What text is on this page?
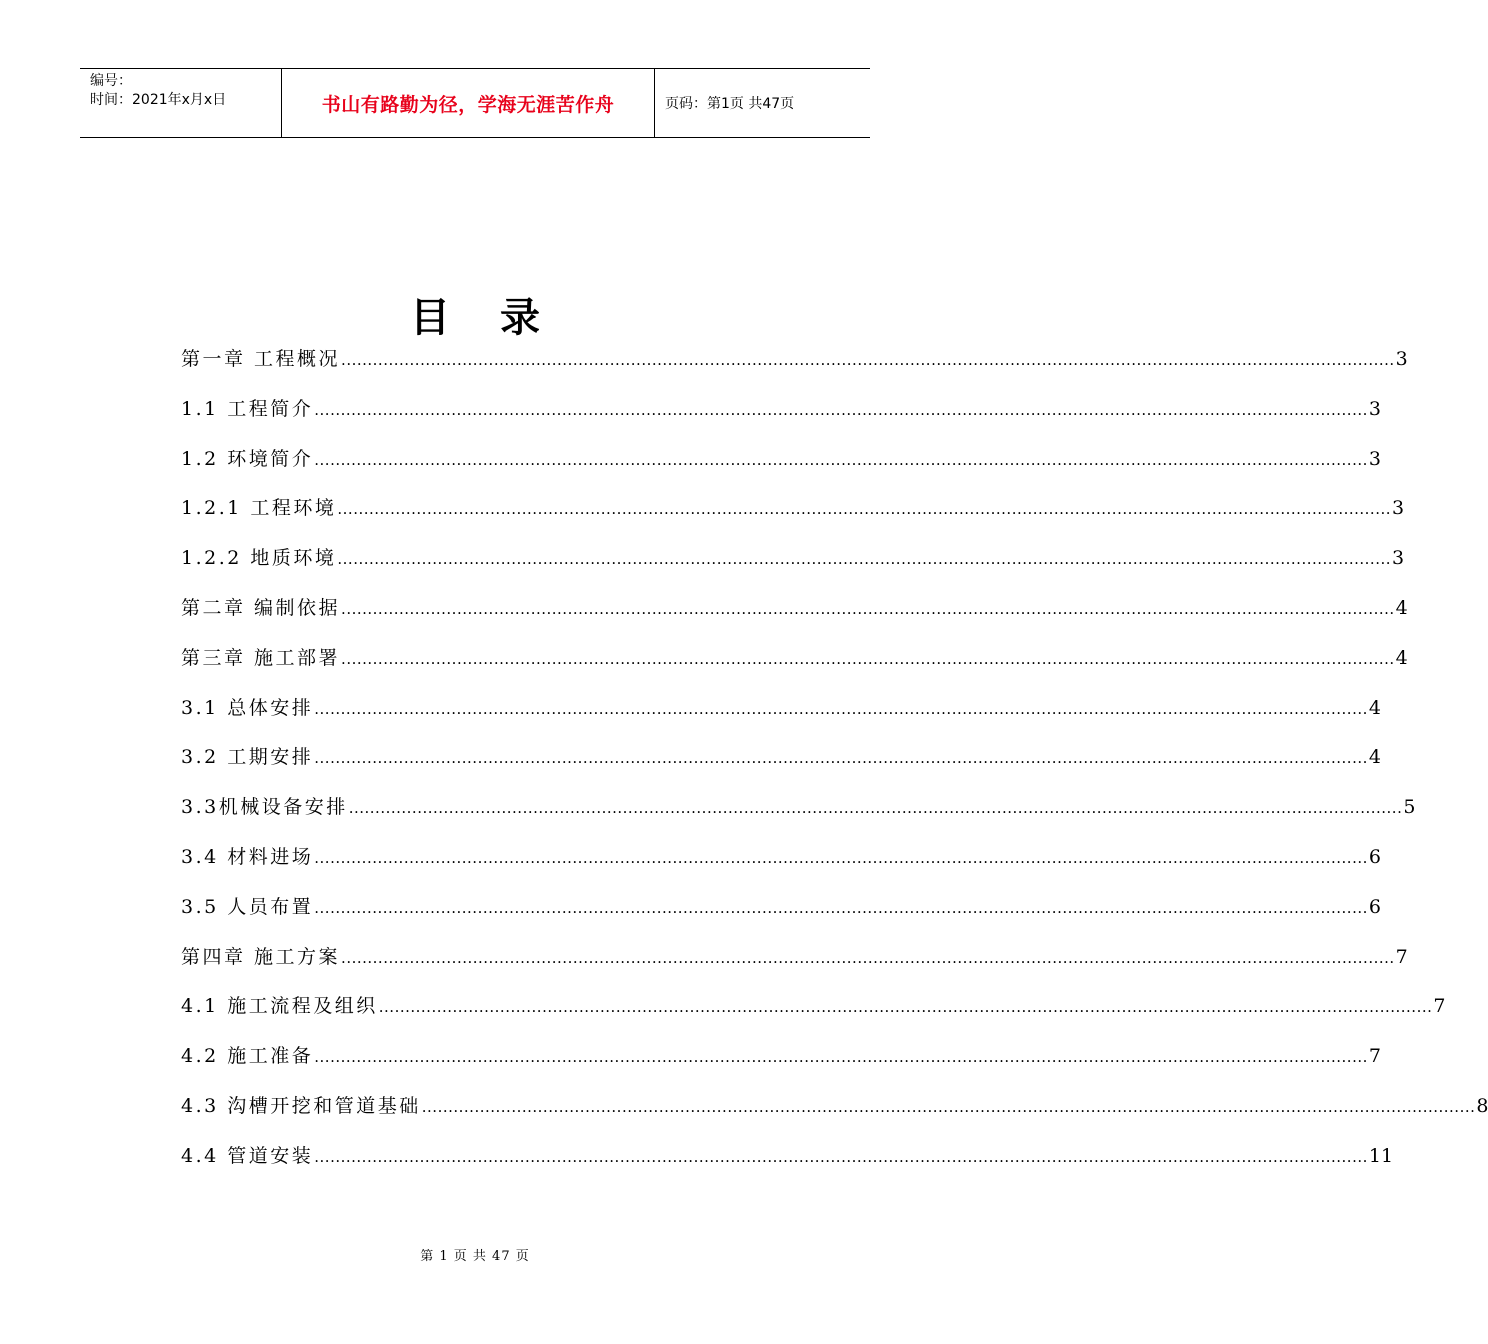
编号：
时间：2021年x月x日	书山有路勤为径，学海无涯苦作舟	页码：第1页 共47页
目 录
第一章 工程概况 ........................................................................................................................................................................................................ 3
1.1 工程简介 ........................................................................................................................................................................................................ 3
1.2 环境简介 ........................................................................................................................................................................................................ 3
1.2.1 工程环境 ........................................................................................................................................................................................................ 3
1.2.2 地质环境 ........................................................................................................................................................................................................ 3
第二章 编制依据 ........................................................................................................................................................................................................ 4
第三章 施工部署 ........................................................................................................................................................................................................ 4
3.1 总体安排 ........................................................................................................................................................................................................ 4
3.2 工期安排 ........................................................................................................................................................................................................ 4
3.3机械设备安排 ........................................................................................................................................................................................................ 5
3.4 材料进场 ........................................................................................................................................................................................................ 6
3.5 人员布置 ........................................................................................................................................................................................................ 6
第四章 施工方案 ........................................................................................................................................................................................................ 7
4.1 施工流程及组织 ........................................................................................................................................................................................................ 7
4.2 施工准备 ........................................................................................................................................................................................................ 7
4.3 沟槽开挖和管道基础 ........................................................................................................................................................................................................ 8
4.4 管道安装 ........................................................................................................................................................................................................ 11
第 1 页 共 47 页
